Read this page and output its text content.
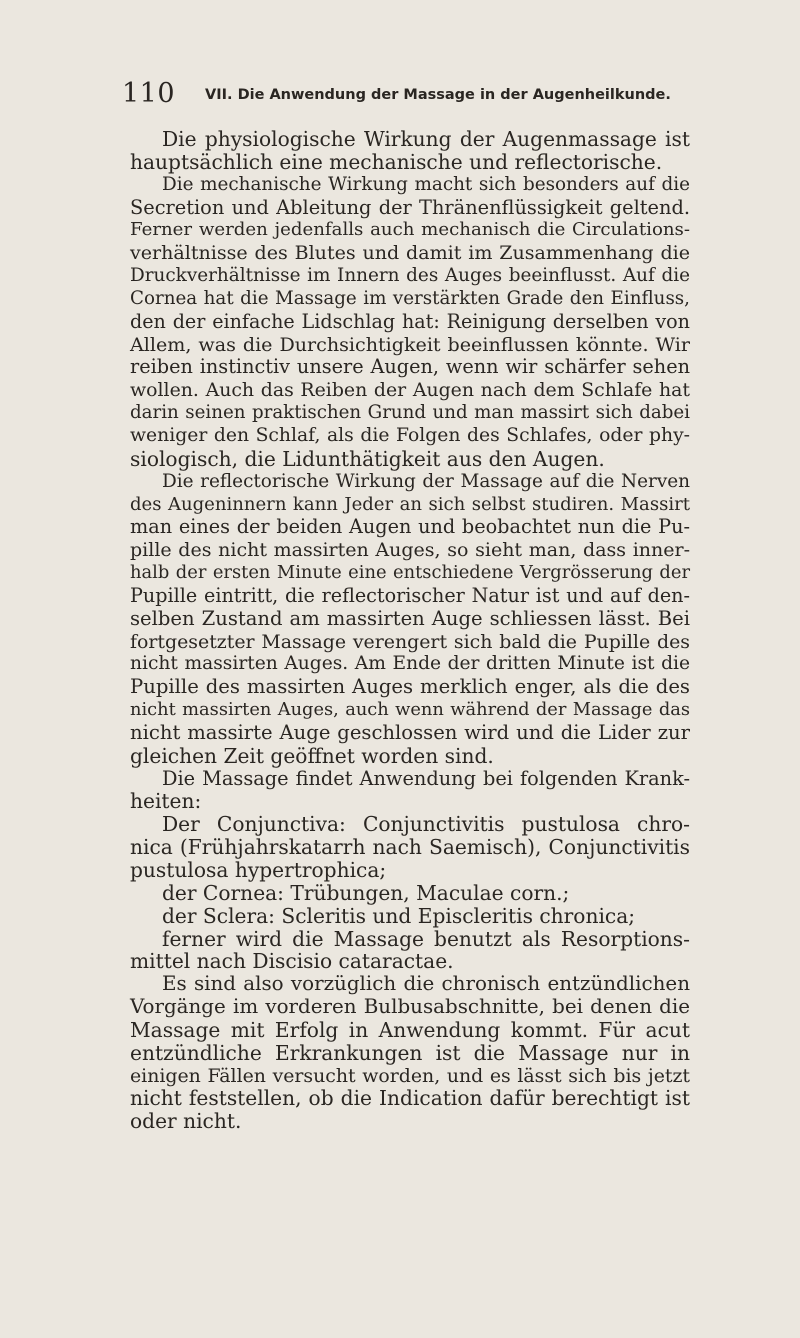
110 VII. Die Anwendung der Massage in der Augenheilkunde.
Die physiologische Wirkung der Augenmassage ist
hauptsächlich eine mechanische und reflectorische.
Die mechanische Wirkung macht sich besonders auf die
Secretion und Ableitung der Thränenflüssigkeit geltend.
Ferner werden jedenfalls auch mechanisch die Circulations-
verhältnisse des Blutes und damit im Zusammenhang die
Druckverhältnisse im Innern des Auges beeinflusst. Auf die
Cornea hat die Massage im verstärkten Grade den Einfluss,
den der einfache Lidschlag hat: Reinigung derselben von
Allem, was die Durchsichtigkeit beeinflussen könnte. Wir
reiben instinctiv unsere Augen, wenn wir schärfer sehen
wollen. Auch das Reiben der Augen nach dem Schlafe hat
darin seinen praktischen Grund und man massirt sich dabei
weniger den Schlaf, als die Folgen des Schlafes, oder phy-
siologisch, die Lidunthätigkeit aus den Augen.
Die reflectorische Wirkung der Massage auf die Nerven
des Augeninnern kann Jeder an sich selbst studiren. Massirt
man eines der beiden Augen und beobachtet nun die Pu-
pille des nicht massirten Auges, so sieht man, dass inner-
halb der ersten Minute eine entschiedene Vergrösserung der
Pupille eintritt, die reflectorischer Natur ist und auf den-
selben Zustand am massirten Auge schliessen lässt. Bei
fortgesetzter Massage verengert sich bald die Pupille des
nicht massirten Auges. Am Ende der dritten Minute ist die
Pupille des massirten Auges merklich enger, als die des
nicht massirten Auges, auch wenn während der Massage das
nicht massirte Auge geschlossen wird und die Lider zur
gleichen Zeit geöffnet worden sind.
Die Massage findet Anwendung bei folgenden Krank-
heiten:
Der Conjunctiva: Conjunctivitis pustulosa chro-
nica (Frühjahrskatarrh nach Saemisch), Conjunctivitis
pustulosa hypertrophica;
der Cornea: Trübungen, Maculae corn.;
der Sclera: Scleritis und Episcleritis chronica;
ferner wird die Massage benutzt als Resorptions-
mittel nach Discisio cataractae.
Es sind also vorzüglich die chronisch entzündlichen
Vorgänge im vorderen Bulbusabschnitte, bei denen die
Massage mit Erfolg in Anwendung kommt. Für acut
entzündliche Erkrankungen ist die Massage nur in
einigen Fällen versucht worden, und es lässt sich bis jetzt
nicht feststellen, ob die Indication dafür berechtigt ist
oder nicht.
